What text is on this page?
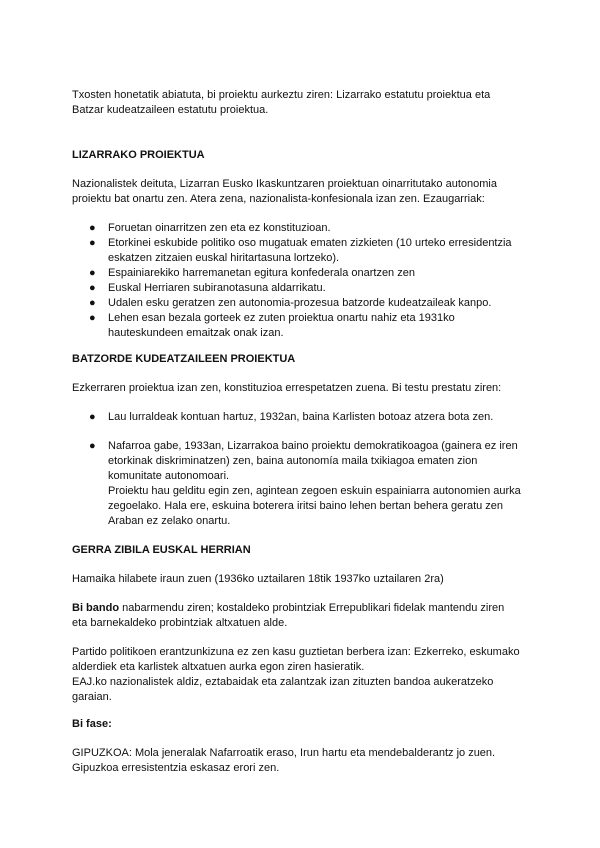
Txosten honetatik abiatuta, bi proiektu aurkeztu ziren: Lizarrako estatutu proiektua eta Batzar kudeatzaileen estatutu proiektua.

LIZARRAKO PROIEKTUA

Nazionalistek deituta, Lizarran Eusko Ikaskuntzaren proiektuan oinarritutako autonomia proiektu bat onartu zen. Atera zena, nazionalista-konfesionala izan zen. Ezaugarriak:

● Foruetan oinarritzen zen eta ez konstituzioan.
● Etorkinei eskubide politiko oso mugatuak ematen zizkieten (10 urteko erresidentzia eskatzen zitzaien euskal hiritartasuna lortzeko).
● Espainiarekiko harremanetan egitura konfederala onartzen zen
● Euskal Herriaren subiranotasuna aldarrikatu.
● Udalen esku geratzen zen autonomia-prozesua batzorde kudeatzaileak kanpo.
● Lehen esan bezala gorteek ez zuten proiektua onartu nahiz eta 1931ko hauteskundeen emaitzak onak izan.

BATZORDE KUDEATZAILEEN PROIEKTUA

Ezkerraren proiektua izan zen, konstituzioa errespetatzen zuena. Bi testu prestatu ziren:

● Lau lurraldeak kontuan hartuz, 1932an, baina Karlisten botoaz atzera bota zen.
● Nafarroa gabe, 1933an, Lizarrakoa baino proiektu demokratikoagoa (gainera ez iren etorkinak diskriminatzen) zen, baina autonomía maila txikiagoa ematen zion komunitate autonomoari.
Proiektu hau gelditu egin zen, agintean zegoen eskuin espainiarra autonomien aurka zegoelako. Hala ere, eskuina boterera iritsi baino lehen bertan behera geratu zen Araban ez zelako onartu.

GERRA ZIBILA EUSKAL HERRIAN

Hamaika hilabete iraun zuen (1936ko uztailaren 18tik 1937ko uztailaren 2ra)

Bi bando nabarmendu ziren; kostaldeko probintziak Errepublikari fidelak mantendu ziren eta barnekaldeko probintziak altxatuen alde.

Partido politikoen erantzunkizuna ez zen kasu guztietan berbera izan: Ezkerreko, eskumako alderdiek eta karlistek altxatuen aurka egon ziren hasieratik.
EAJ.ko nazionalistek aldiz, eztabaidak eta zalantzak izan zituzten bandoa aukeratzeko garaian.

Bi fase:

GIPUZKOA: Mola jeneralak Nafarroatik eraso, Irun hartu eta mendebalderantz jo zuen. Gipuzkoa erresistentzia eskasaz erori zen.
